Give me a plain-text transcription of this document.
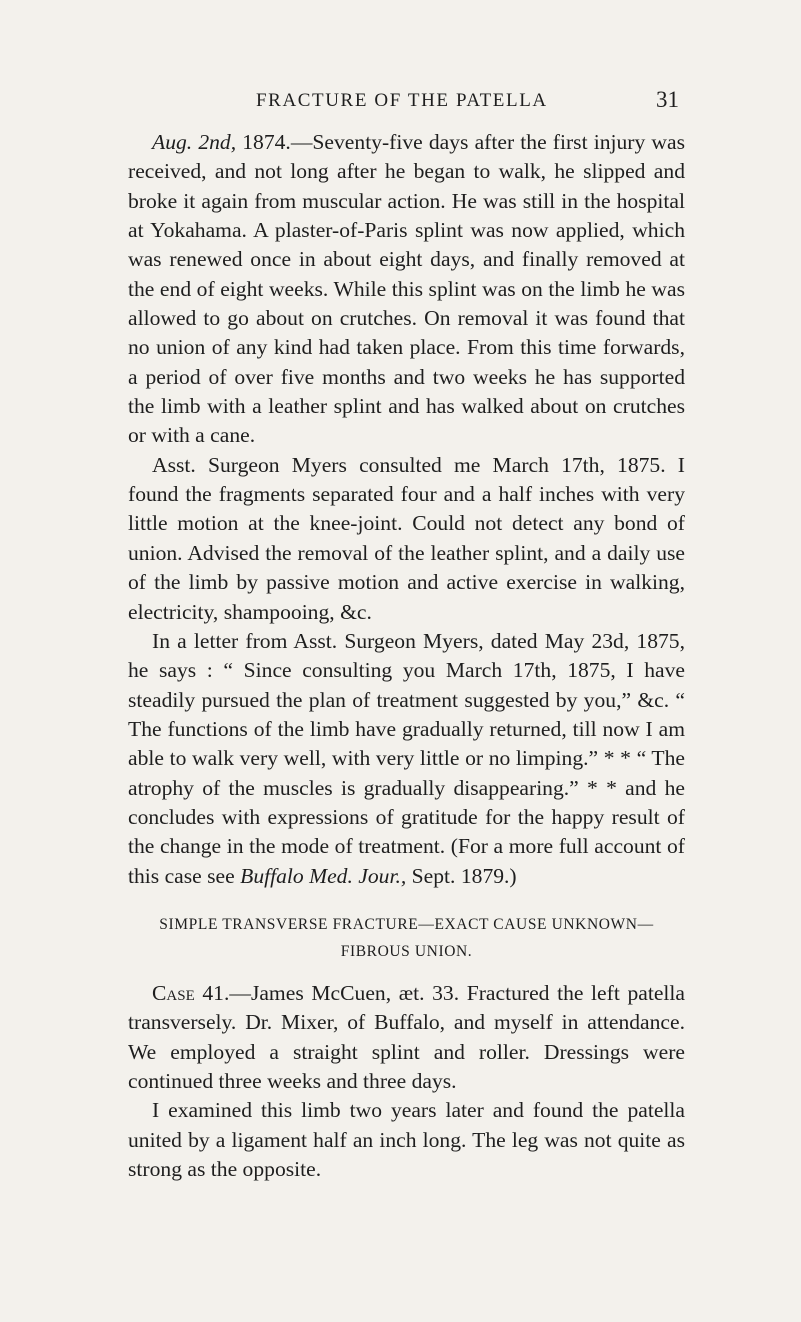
FRACTURE OF THE PATELLA	31

Aug. 2nd, 1874.—Seventy-five days after the first injury was received, and not long after he began to walk, he slipped and broke it again from muscular action. He was still in the hospital at Yokahama. A plaster-of-Paris splint was now applied, which was renewed once in about eight days, and finally removed at the end of eight weeks. While this splint was on the limb he was allowed to go about on crutches. On removal it was found that no union of any kind had taken place. From this time forwards, a period of over five months and two weeks he has supported the limb with a leather splint and has walked about on crutches or with a cane.

Asst. Surgeon Myers consulted me March 17th, 1875. I found the fragments separated four and a half inches with very little motion at the knee-joint. Could not detect any bond of union. Advised the removal of the leather splint, and a daily use of the limb by passive motion and active exercise in walking, electricity, shampooing, &c.

In a letter from Asst. Surgeon Myers, dated May 23d, 1875, he says : “ Since consulting you March 17th, 1875, I have steadily pursued the plan of treatment suggested by you,” &c. “ The functions of the limb have gradually returned, till now I am able to walk very well, with very little or no limping.” * * “ The atrophy of the muscles is gradually disappearing.” * * and he concludes with expressions of gratitude for the happy result of the change in the mode of treatment. (For a more full account of this case see Buffalo Med. Jour., Sept. 1879.)

SIMPLE TRANSVERSE FRACTURE—EXACT CAUSE UNKNOWN—FIBROUS UNION.

Case 41.—James McCuen, æt. 33. Fractured the left patella transversely. Dr. Mixer, of Buffalo, and myself in attendance. We employed a straight splint and roller. Dressings were continued three weeks and three days.

I examined this limb two years later and found the patella united by a ligament half an inch long. The leg was not quite as strong as the opposite.
